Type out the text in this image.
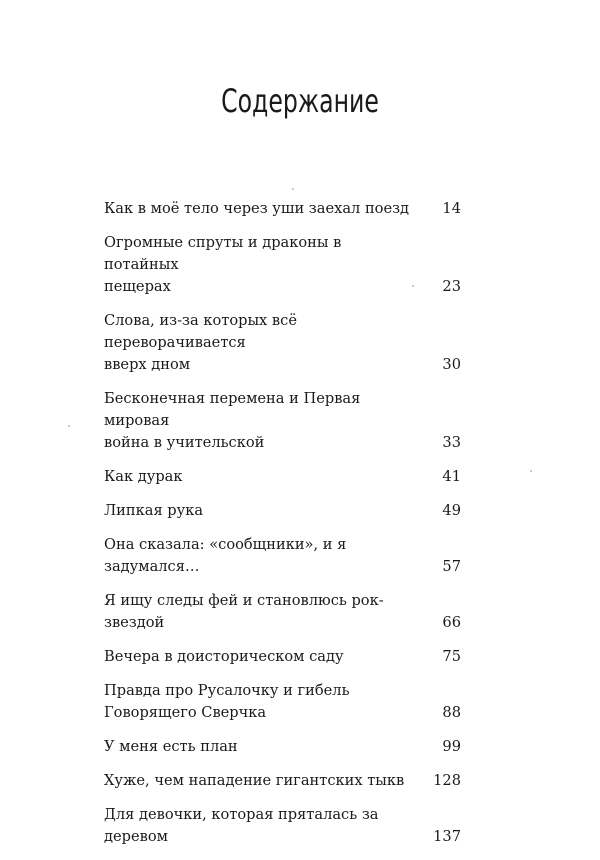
Содержание
Как в моё тело через уши заехал поезд	14
Огромные спруты и драконы в потайных
пещерах	23
Слова, из-за которых всё переворачивается
вверх дном	30
Бесконечная перемена и Первая мировая
война в учительской	33
Как дурак	41
Липкая рука	49
Она сказала: «сообщники», и я задумался…	57
Я ищу следы фей и становлюсь рок-звездой	66
Вечера в доисторическом саду	75
Правда про Русалочку и гибель
Говорящего Сверчка	88
У меня есть план	99
Хуже, чем нападение гигантских тыкв	128
Для девочки, которая пряталась за деревом	137
